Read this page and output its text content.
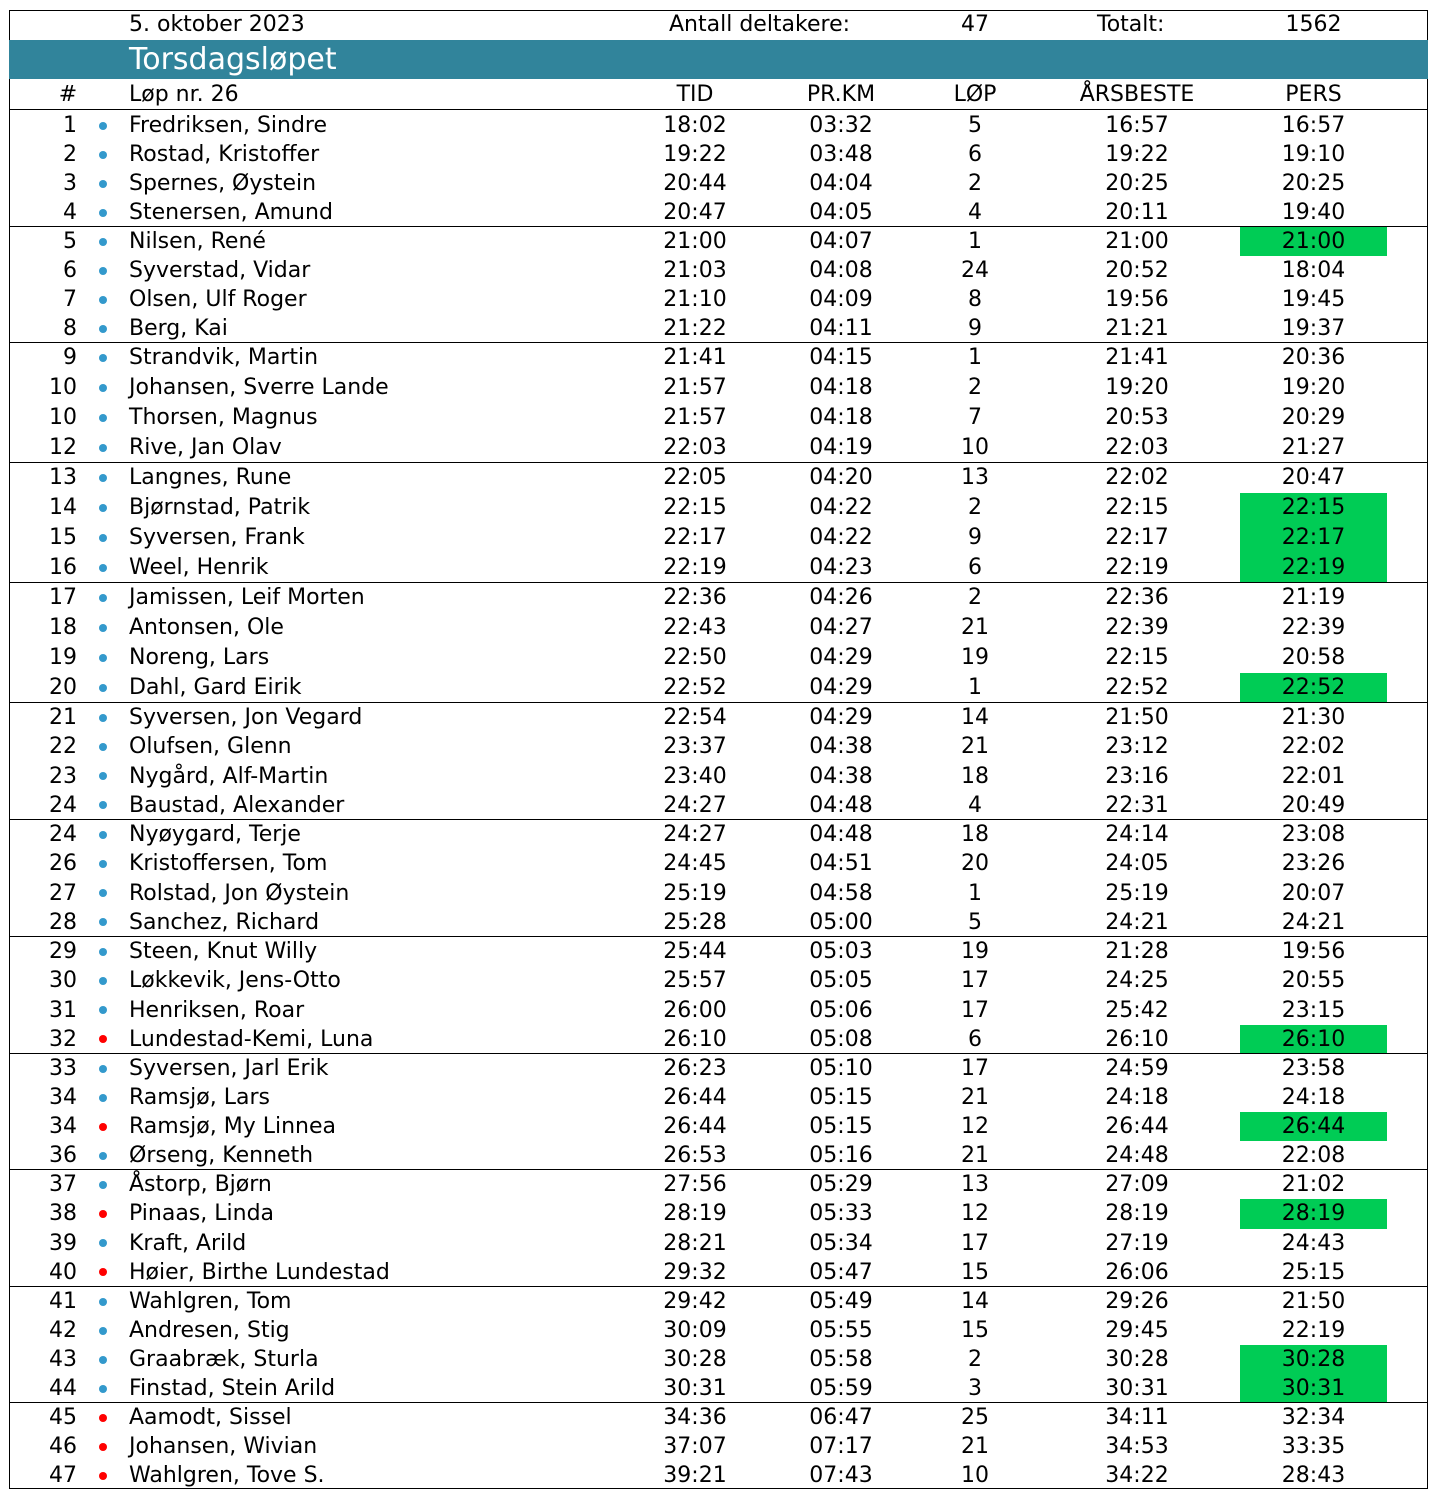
5. oktober 2023	Antall deltakere:	47	Totalt:	1562
Torsdagsløpet
#	Løp nr. 26	TID	PR.KM	LØP	ÅRSBESTE	PERS
1 Fredriksen, Sindre	18:02	03:32	5	16:57	16:57
2 Rostad, Kristoffer	19:22	03:48	6	19:22	19:10
3 Spernes, Øystein	20:44	04:04	2	20:25	20:25
4 Stenersen, Amund	20:47	04:05	4	20:11	19:40
5 Nilsen, René	21:00	04:07	1	21:00	21:00
6 Syverstad, Vidar	21:03	04:08	24	20:52	18:04
7 Olsen, Ulf Roger	21:10	04:09	8	19:56	19:45
8 Berg, Kai	21:22	04:11	9	21:21	19:37
9 Strandvik, Martin	21:41	04:15	1	21:41	20:36
10 Johansen, Sverre Lande	21:57	04:18	2	19:20	19:20
10 Thorsen, Magnus	21:57	04:18	7	20:53	20:29
12 Rive, Jan Olav	22:03	04:19	10	22:03	21:27
13 Langnes, Rune	22:05	04:20	13	22:02	20:47
14 Bjørnstad, Patrik	22:15	04:22	2	22:15	22:15
15 Syversen, Frank	22:17	04:22	9	22:17	22:17
16 Weel, Henrik	22:19	04:23	6	22:19	22:19
17 Jamissen, Leif Morten	22:36	04:26	2	22:36	21:19
18 Antonsen, Ole	22:43	04:27	21	22:39	22:39
19 Noreng, Lars	22:50	04:29	19	22:15	20:58
20 Dahl, Gard Eirik	22:52	04:29	1	22:52	22:52
21 Syversen, Jon Vegard	22:54	04:29	14	21:50	21:30
22 Olufsen, Glenn	23:37	04:38	21	23:12	22:02
23 Nygård, Alf-Martin	23:40	04:38	18	23:16	22:01
24 Baustad, Alexander	24:27	04:48	4	22:31	20:49
24 Nyøygard, Terje	24:27	04:48	18	24:14	23:08
26 Kristoffersen, Tom	24:45	04:51	20	24:05	23:26
27 Rolstad, Jon Øystein	25:19	04:58	1	25:19	20:07
28 Sanchez, Richard	25:28	05:00	5	24:21	24:21
29 Steen, Knut Willy	25:44	05:03	19	21:28	19:56
30 Løkkevik, Jens-Otto	25:57	05:05	17	24:25	20:55
31 Henriksen, Roar	26:00	05:06	17	25:42	23:15
32 Lundestad-Kemi, Luna	26:10	05:08	6	26:10	26:10
33 Syversen, Jarl Erik	26:23	05:10	17	24:59	23:58
34 Ramsjø, Lars	26:44	05:15	21	24:18	24:18
34 Ramsjø, My Linnea	26:44	05:15	12	26:44	26:44
36 Ørseng, Kenneth	26:53	05:16	21	24:48	22:08
37 Åstorp, Bjørn	27:56	05:29	13	27:09	21:02
38 Pinaas, Linda	28:19	05:33	12	28:19	28:19
39 Kraft, Arild	28:21	05:34	17	27:19	24:43
40 Høier, Birthe Lundestad	29:32	05:47	15	26:06	25:15
41 Wahlgren, Tom	29:42	05:49	14	29:26	21:50
42 Andresen, Stig	30:09	05:55	15	29:45	22:19
43 Graabræk, Sturla	30:28	05:58	2	30:28	30:28
44 Finstad, Stein Arild	30:31	05:59	3	30:31	30:31
45 Aamodt, Sissel	34:36	06:47	25	34:11	32:34
46 Johansen, Wivian	37:07	07:17	21	34:53	33:35
47 Wahlgren, Tove S.	39:21	07:43	10	34:22	28:43
